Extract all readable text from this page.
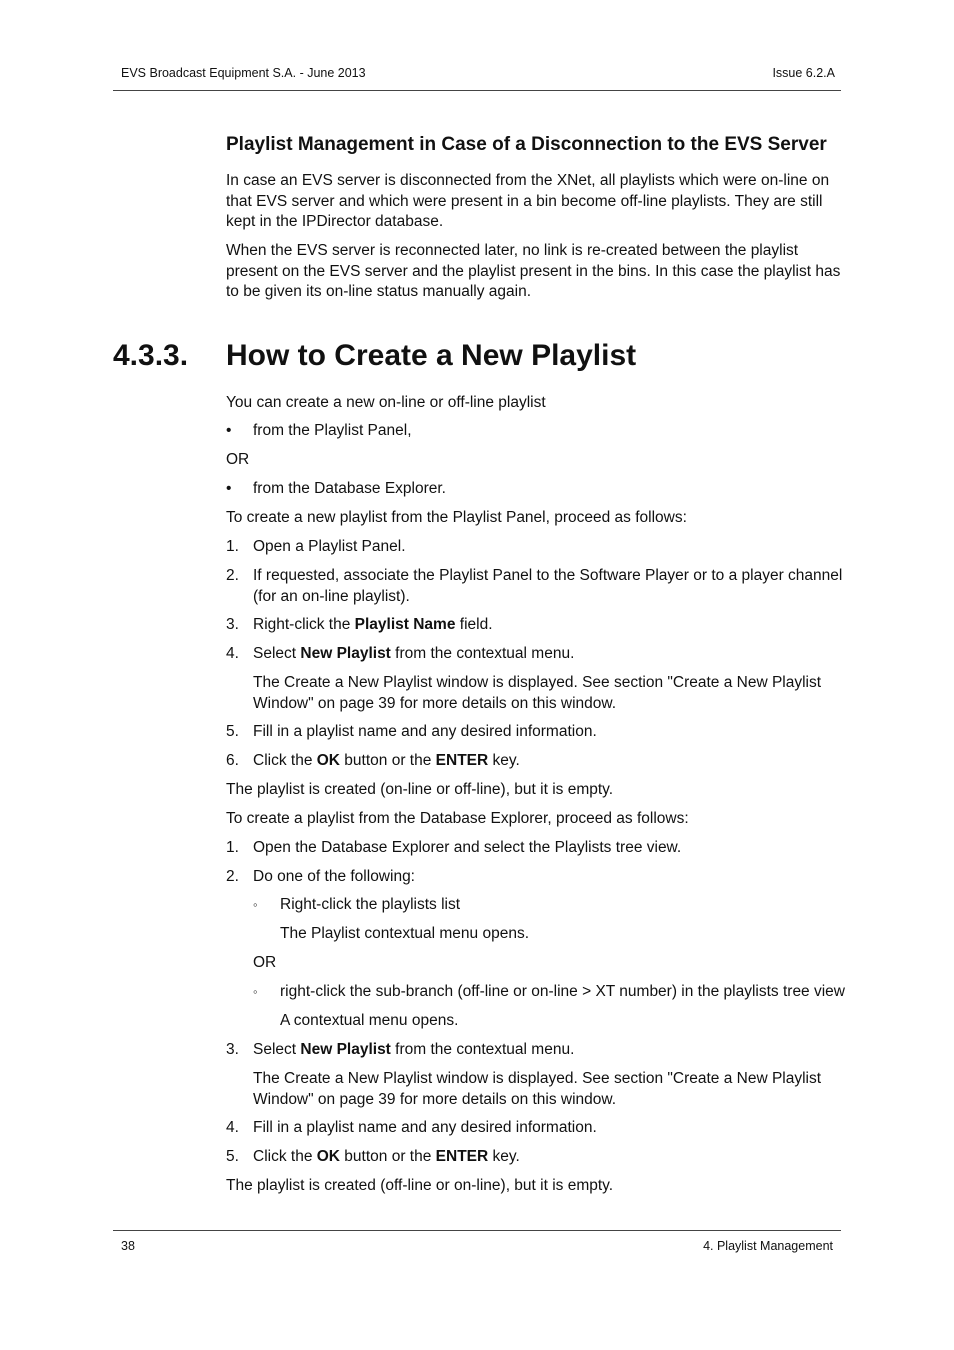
EVS Broadcast Equipment S.A. - June 2013	Issue 6.2.A
Playlist Management in Case of a Disconnection to the EVS Server

In case an EVS server is disconnected from the XNet, all playlists which were on-line on that EVS server and which were present in a bin become off-line playlists. They are still kept in the IPDirector database.

When the EVS server is reconnected later, no link is re-created between the playlist present on the EVS server and the playlist present in the bins. In this case the playlist has to be given its on-line status manually again.

4.3.3. How to Create a New Playlist

You can create a new on-line or off-line playlist

• from the Playlist Panel,

OR

• from the Database Explorer.

To create a new playlist from the Playlist Panel, proceed as follows:

1. Open a Playlist Panel.

2. If requested, associate the Playlist Panel to the Software Player or to a player channel (for an on-line playlist).

3. Right-click the Playlist Name field.

4. Select New Playlist from the contextual menu.

The Create a New Playlist window is displayed. See section "Create a New Playlist Window" on page 39 for more details on this window.

5. Fill in a playlist name and any desired information.

6. Click the OK button or the ENTER key.

The playlist is created (on-line or off-line), but it is empty.

To create a playlist from the Database Explorer, proceed as follows:

1. Open the Database Explorer and select the Playlists tree view.

2. Do one of the following:

◦ Right-click the playlists list

The Playlist contextual menu opens.

OR

◦ right-click the sub-branch (off-line or on-line > XT number) in the playlists tree view

A contextual menu opens.

3. Select New Playlist from the contextual menu.

The Create a New Playlist window is displayed. See section "Create a New Playlist Window" on page 39 for more details on this window.

4. Fill in a playlist name and any desired information.

5. Click the OK button or the ENTER key.

The playlist is created (off-line or on-line), but it is empty.

38	4. Playlist Management
